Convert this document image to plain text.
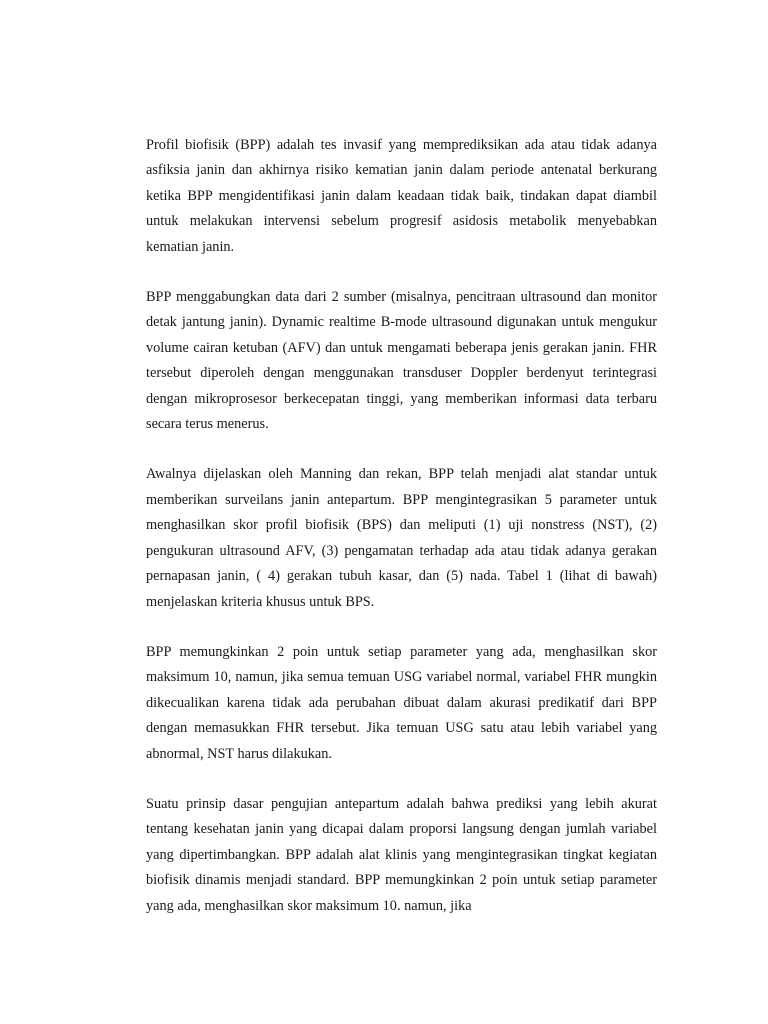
Profil biofisik (BPP) adalah tes invasif yang memprediksikan ada atau tidak adanya asfiksia janin dan akhirnya risiko kematian janin dalam periode antenatal berkurang ketika BPP mengidentifikasi janin dalam keadaan tidak baik, tindakan dapat diambil untuk melakukan intervensi sebelum progresif asidosis metabolik menyebabkan kematian janin.

BPP menggabungkan data dari 2 sumber (misalnya, pencitraan ultrasound dan monitor detak jantung janin). Dynamic realtime B-mode ultrasound digunakan untuk mengukur volume cairan ketuban (AFV) dan untuk mengamati beberapa jenis gerakan janin. FHR tersebut diperoleh dengan menggunakan transduser Doppler berdenyut terintegrasi dengan mikroprosesor berkecepatan tinggi, yang memberikan informasi data terbaru secara terus menerus.

Awalnya dijelaskan oleh Manning dan rekan, BPP telah menjadi alat standar untuk memberikan surveilans janin antepartum. BPP mengintegrasikan 5 parameter untuk menghasilkan skor profil biofisik (BPS) dan meliputi (1) uji nonstress (NST), (2) pengukuran ultrasound AFV, (3) pengamatan terhadap ada atau tidak adanya gerakan pernapasan janin, ( 4) gerakan tubuh kasar, dan (5) nada. Tabel 1 (lihat di bawah) menjelaskan kriteria khusus untuk BPS.

BPP memungkinkan 2 poin untuk setiap parameter yang ada, menghasilkan skor maksimum 10, namun, jika semua temuan USG variabel normal, variabel FHR mungkin dikecualikan karena tidak ada perubahan dibuat dalam akurasi predikatif dari BPP dengan memasukkan FHR tersebut. Jika temuan USG satu atau lebih variabel yang abnormal, NST harus dilakukan.

Suatu prinsip dasar pengujian antepartum adalah bahwa prediksi yang lebih akurat tentang kesehatan janin yang dicapai dalam proporsi langsung dengan jumlah variabel yang dipertimbangkan. BPP adalah alat klinis yang mengintegrasikan tingkat kegiatan biofisik dinamis menjadi standard. BPP memungkinkan 2 poin untuk setiap parameter yang ada, menghasilkan skor maksimum 10. namun, jika
